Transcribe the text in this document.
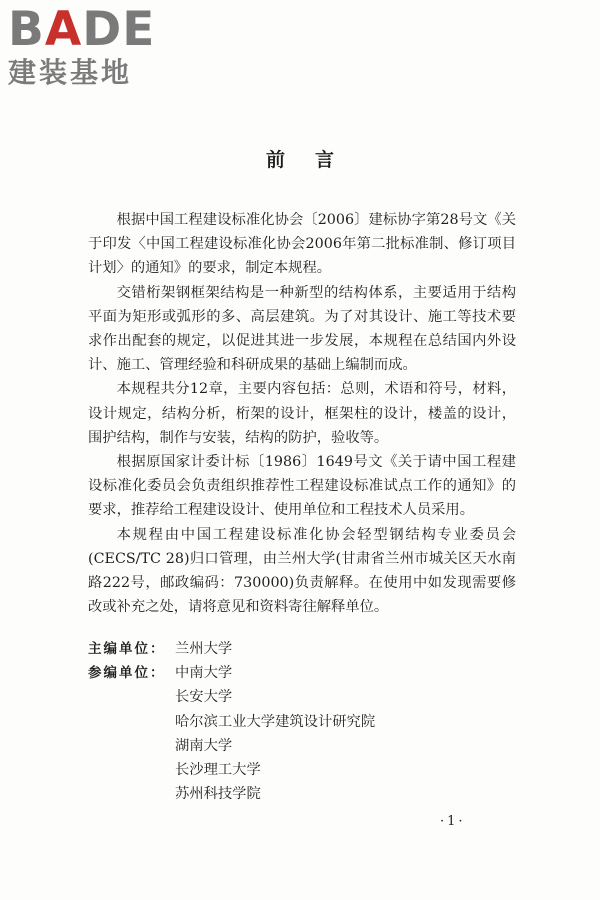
BADE
建装基地
前言

根据中国工程建设标准化协会〔2006〕建标协字第28号文《关于印发〈中国工程建设标准化协会2006年第二批标准制、修订项目计划〉的通知》的要求，制定本规程。

交错桁架钢框架结构是一种新型的结构体系，主要适用于结构平面为矩形或弧形的多、高层建筑。为了对其设计、施工等技术要求作出配套的规定，以促进其进一步发展，本规程在总结国内外设计、施工、管理经验和科研成果的基础上编制而成。

本规程共分12章，主要内容包括：总则，术语和符号，材料，设计规定，结构分析，桁架的设计，框架柱的设计，楼盖的设计，围护结构，制作与安装，结构的防护，验收等。

根据原国家计委计标〔1986〕1649号文《关于请中国工程建设标准化委员会负责组织推荐性工程建设标准试点工作的通知》的要求，推荐给工程建设设计、使用单位和工程技术人员采用。

本规程由中国工程建设标准化协会轻型钢结构专业委员会(CECS/TC 28)归口管理，由兰州大学(甘肃省兰州市城关区天水南路222号，邮政编码：730000)负责解释。在使用中如发现需要修改或补充之处，请将意见和资料寄往解释单位。

主编单位： 兰州大学
参编单位： 中南大学
长安大学
哈尔滨工业大学建筑设计研究院
湖南大学
长沙理工大学
苏州科技学院
·1·
